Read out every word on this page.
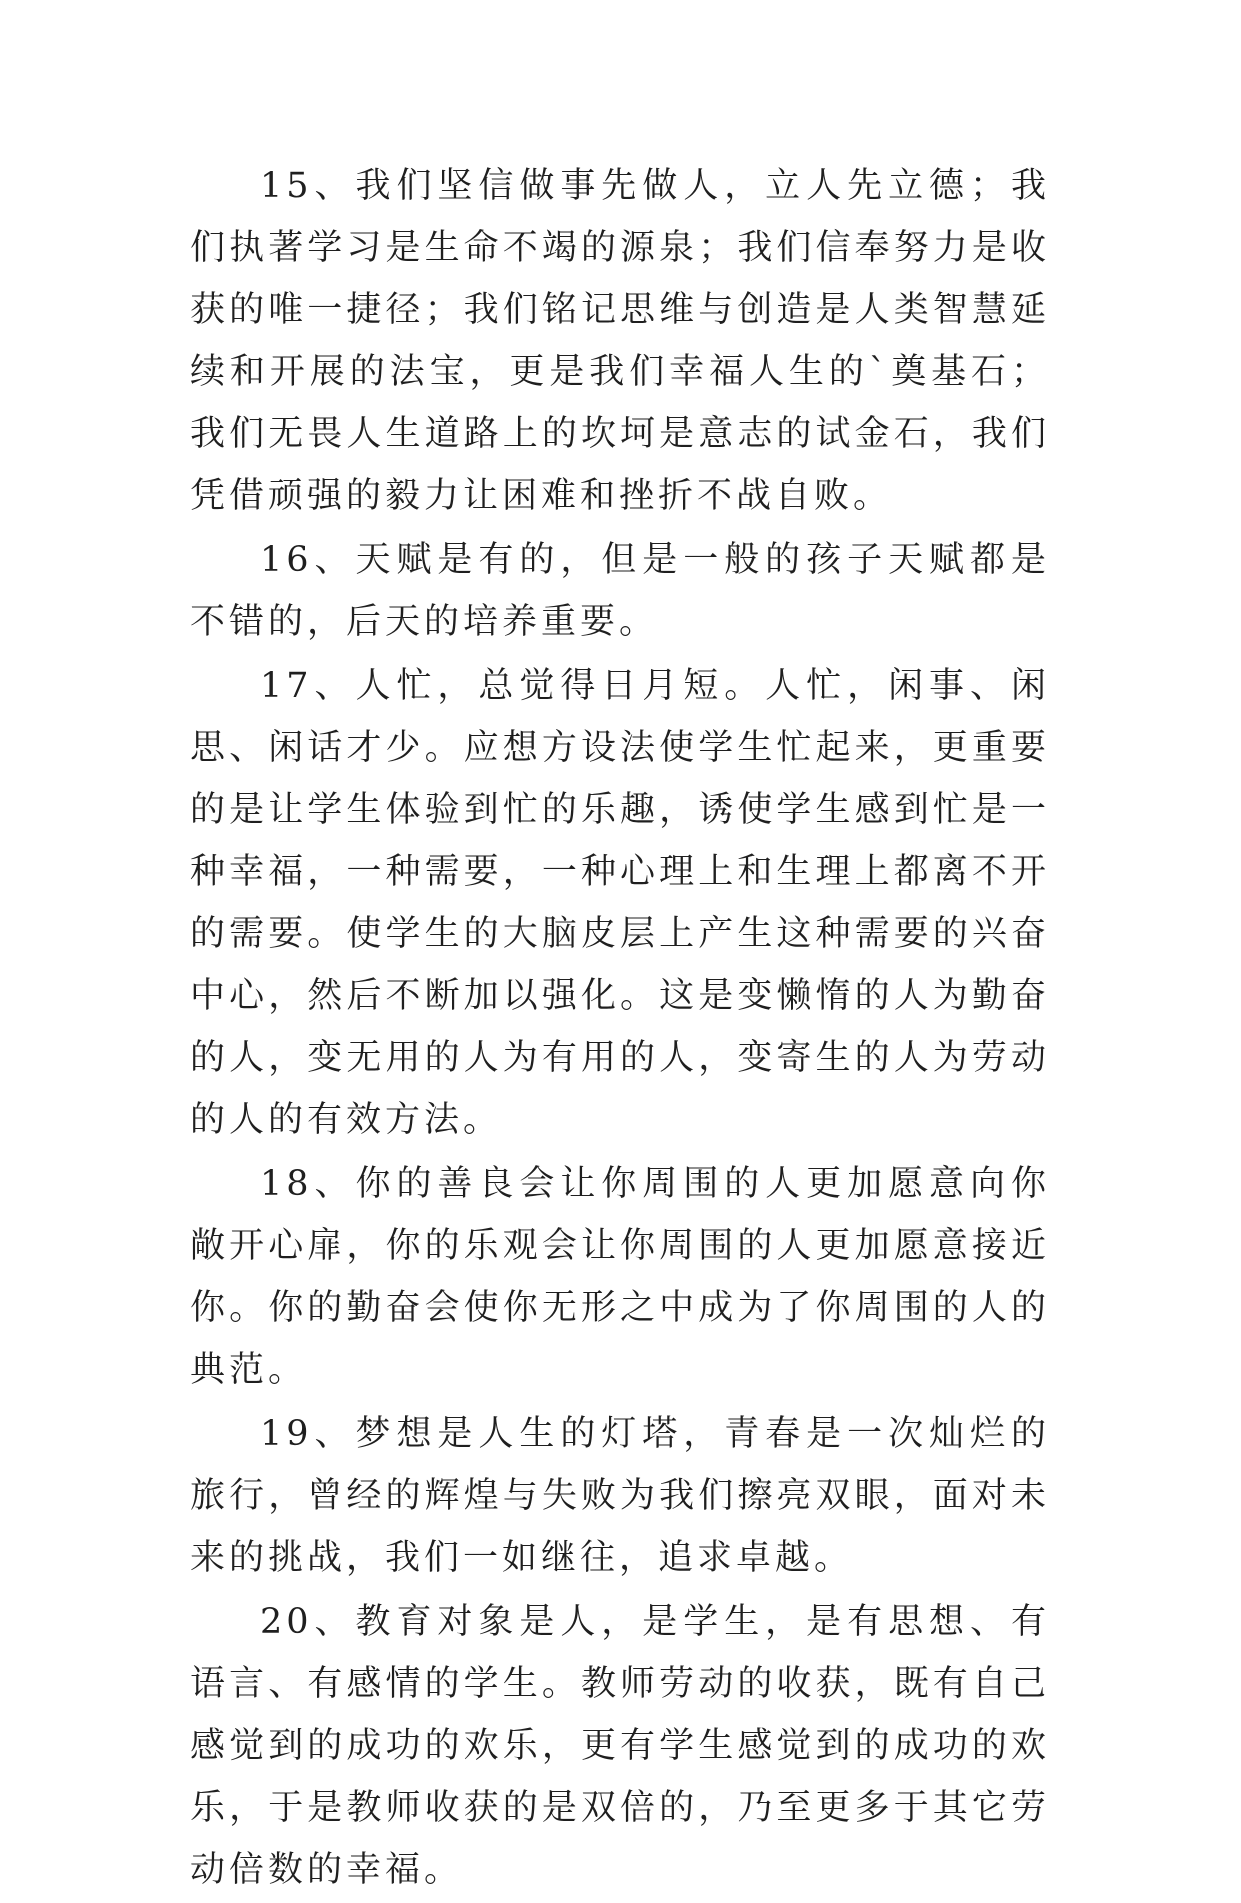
15、我们坚信做事先做人，立人先立德；我们执著学习是生命不竭的源泉；我们信奉努力是收获的唯一捷径；我们铭记思维与创造是人类智慧延续和开展的法宝，更是我们幸福人生的`奠基石；我们无畏人生道路上的坎坷是意志的试金石，我们凭借顽强的毅力让困难和挫折不战自败。

16、天赋是有的，但是一般的孩子天赋都是不错的，后天的培养重要。

17、人忙，总觉得日月短。人忙，闲事、闲思、闲话才少。应想方设法使学生忙起来，更重要的是让学生体验到忙的乐趣，诱使学生感到忙是一种幸福，一种需要，一种心理上和生理上都离不开的需要。使学生的大脑皮层上产生这种需要的兴奋中心，然后不断加以强化。这是变懒惰的人为勤奋的人，变无用的人为有用的人，变寄生的人为劳动的人的有效方法。

18、你的善良会让你周围的人更加愿意向你敞开心扉，你的乐观会让你周围的人更加愿意接近你。你的勤奋会使你无形之中成为了你周围的人的典范。

19、梦想是人生的灯塔，青春是一次灿烂的旅行，曾经的辉煌与失败为我们擦亮双眼，面对未来的挑战，我们一如继往，追求卓越。

20、教育对象是人，是学生，是有思想、有语言、有感情的学生。教师劳动的收获，既有自己感觉到的成功的欢乐，更有学生感觉到的成功的欢乐，于是教师收获的是双倍的，乃至更多于其它劳动倍数的幸福。
